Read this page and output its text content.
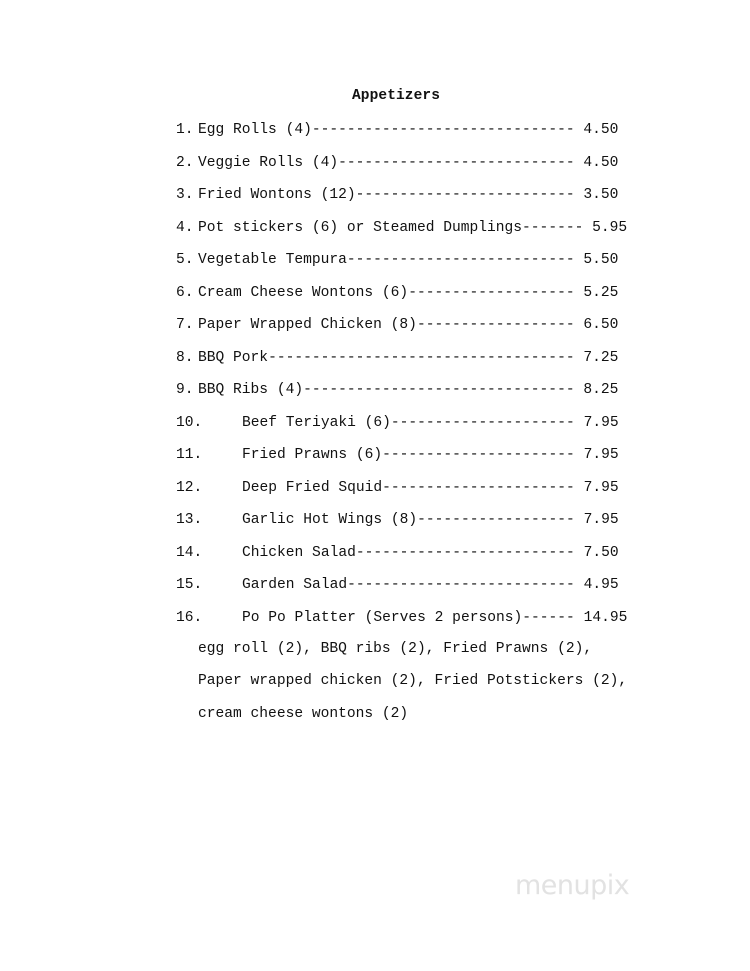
Appetizers
1. Egg Rolls (4)------------------------------ 4.50
2. Veggie Rolls (4)--------------------------- 4.50
3. Fried Wontons (12)------------------------- 3.50
4. Pot stickers (6) or Steamed Dumplings------- 5.95
5. Vegetable Tempura-------------------------- 5.50
6. Cream Cheese Wontons (6)------------------- 5.25
7. Paper Wrapped Chicken (8)------------------ 6.50
8. BBQ Pork----------------------------------- 7.25
9. BBQ Ribs (4)------------------------------- 8.25
10.	Beef Teriyaki (6)--------------------- 7.95
11.	Fried Prawns (6)---------------------- 7.95
12.	Deep Fried Squid---------------------- 7.95
13.	Garlic Hot Wings (8)------------------ 7.95
14.	Chicken Salad------------------------- 7.50
15.	Garden Salad-------------------------- 4.95
16.	Po Po Platter (Serves 2 persons)------ 14.95
egg roll (2), BBQ ribs (2), Fried Prawns (2),
Paper wrapped chicken (2), Fried Potstickers (2),
cream cheese wontons (2)
menupix
